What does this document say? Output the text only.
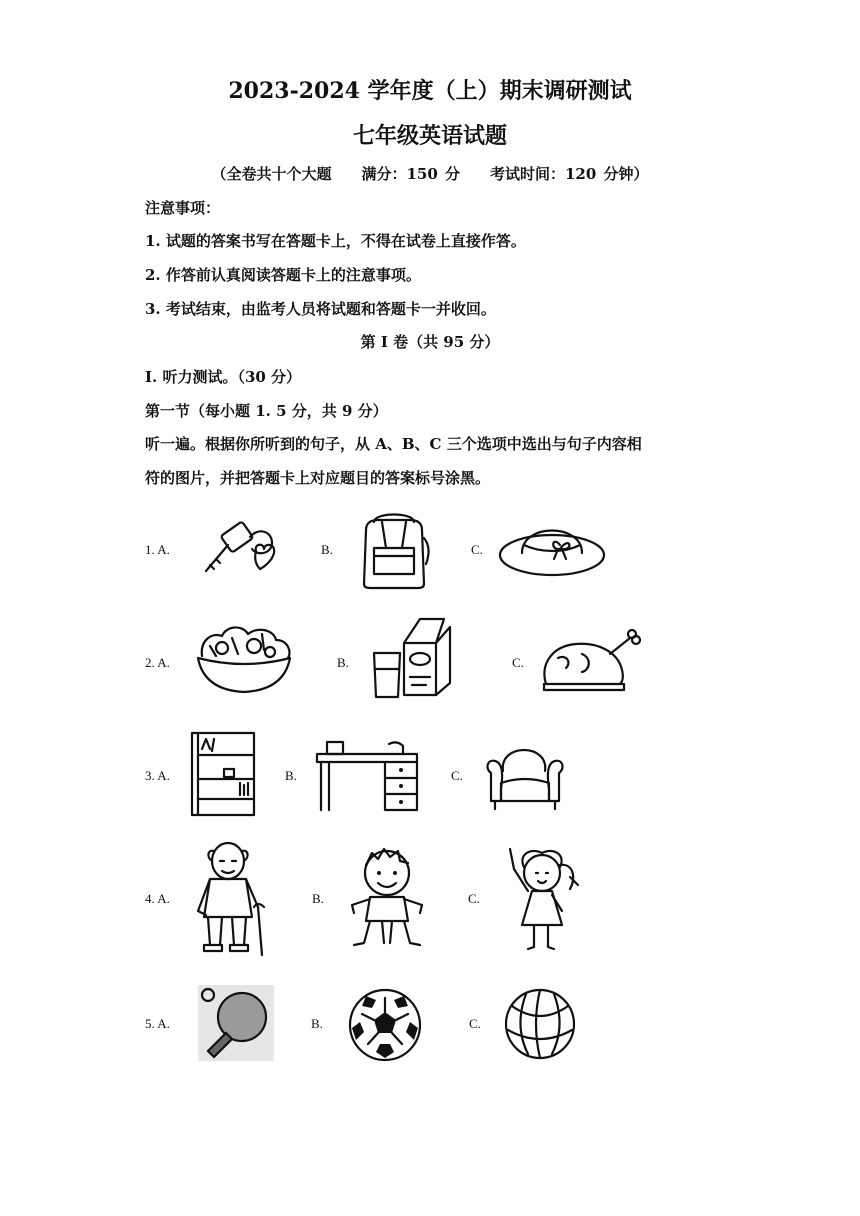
2023-2024 学年度（上）期末调研测试
七年级英语试题
（全卷共十个大题　　满分：150 分　　考试时间：120 分钟）
注意事项：
1. 试题的答案书写在答题卡上，不得在试卷上直接作答。
2. 作答前认真阅读答题卡上的注意事项。
3. 考试结束，由监考人员将试题和答题卡一并收回。
第 I 卷（共 95 分）
I. 听力测试。（30 分）
第一节（每小题 1. 5 分，共 9 分）
听一遍。根据你所听到的句子，从 A、B、C 三个选项中选出与句子内容相
符的图片，并把答题卡上对应题目的答案标号涂黑。
1. A.	B.	C.
2. A.	B.	C.
3. A.	B.	C.
4. A.	B.	C.
5. A.	B.	C.
